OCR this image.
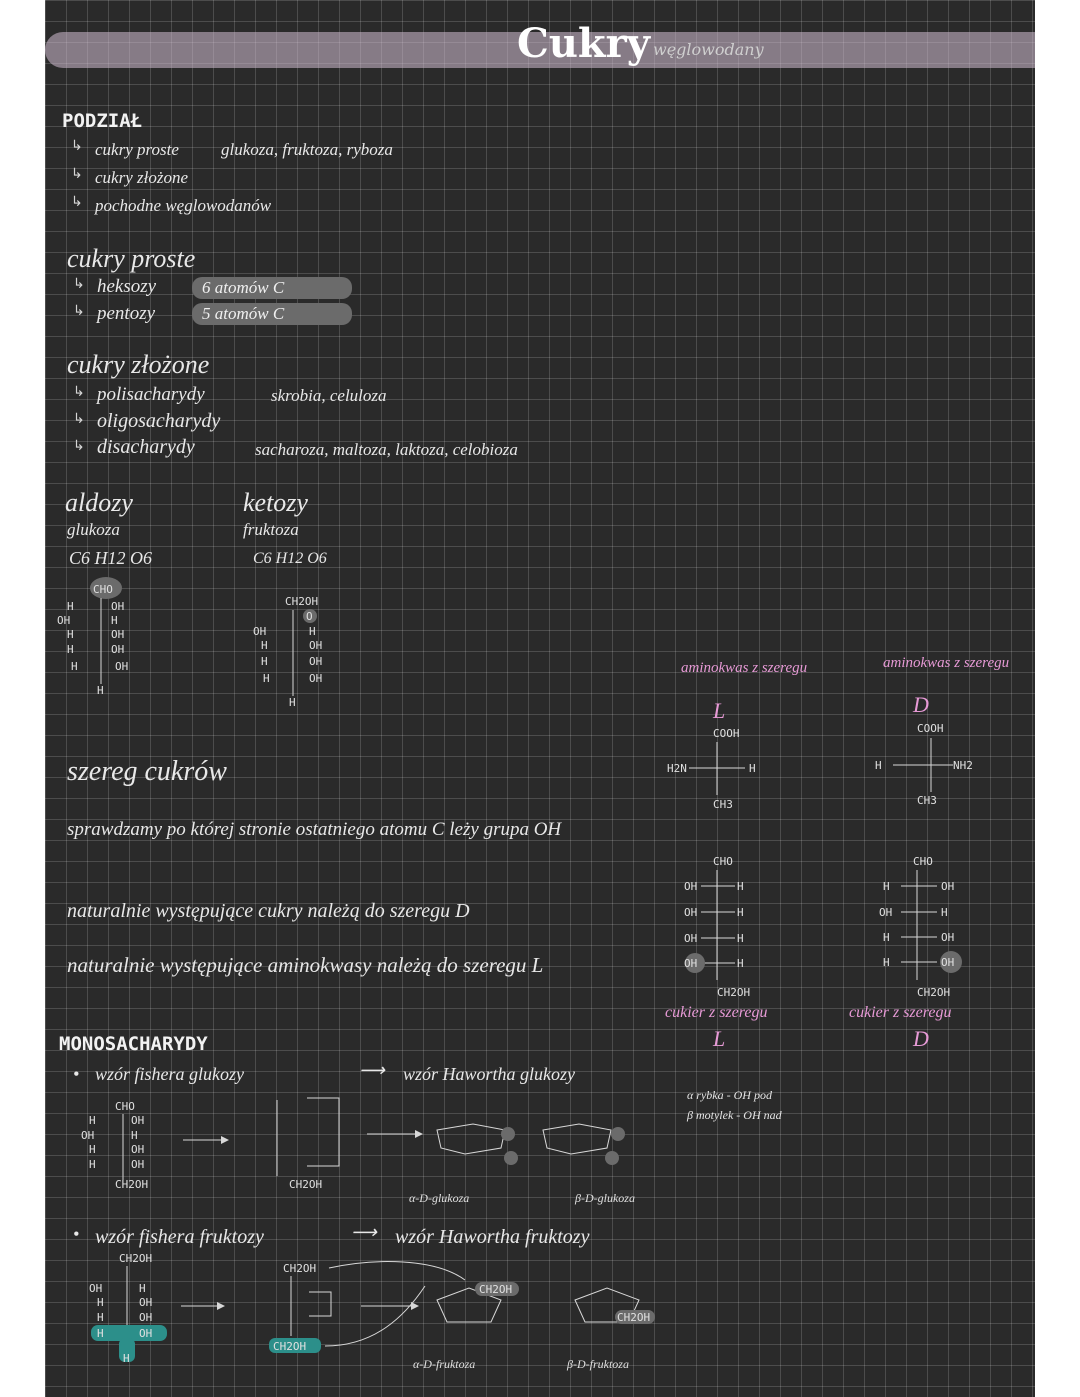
Cukry węglowodany
PODZIAŁ
↳ cukry proste glukoza, fruktoza, ryboza
↳ cukry złożone
↳ pochodne węglowodanów
cukry proste
↳ heksozy	6 atomów C
↳ pentozy	5 atomów C
cukry złożone
↳ polisacharydy	skrobia, celuloza
↳ oligosacharydy
↳ disacharydy	sacharoza, maltoza, laktoza, celobioza
aldozy
glukoza
C6 H12 O6
ketozy
fruktoza
C6 H12 O6
CHO
H	OH
OH	H
H	OH
H	OH
H	OH
H
CH2OH
O
OH	H
H	OH
H	OH
H	OH
H
szereg cukrów
sprawdzamy po której stronie ostatniego atomu C leży grupa OH
naturalnie występujące cukry należą do szeregu D
naturalnie występujące aminokwasy należą do szeregu L
aminokwas z szeregu
L
COOH
H2N	H
CH3
aminokwas z szeregu
D
COOH
H	NH2
CH3
CHO
OH	H
OH	H
OH	H
OH	H
CH2OH
cukier z szeregu
L
CHO
H	OH
OH	H
H	OH
H	OH
CH2OH
cukier z szeregu
D
MONOSACHARYDY
• wzór fishera glukozy	⟶ wzór Hawortha glukozy
α rybka - OH pod
β motylek - OH nad
CHO
H	OH
OH	H
H	OH
H	OH
CH2OH	CH2OH
α-D-glukoza	β-D-glukoza
• wzór fishera fruktozy	⟶ wzór Hawortha fruktozy
CH2OH
OH	H
H	OH
H	OH
H	OH
H
CH2OH
CH2OH
CH2OH
α-D-fruktoza
CH2OH
β-D-fruktoza
